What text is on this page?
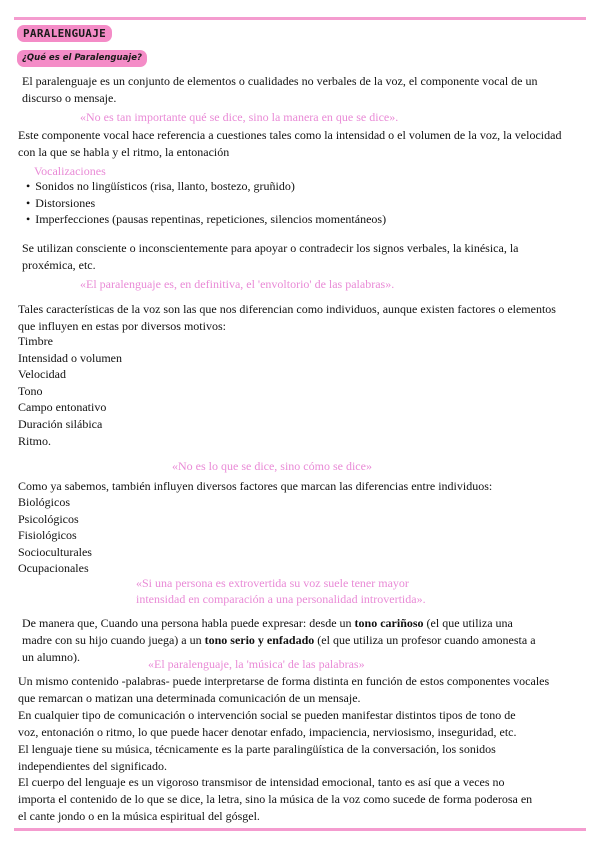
PARALENGUAJE
¿Qué es el Paralenguaje?
El paralenguaje es un conjunto de elementos o cualidades no verbales de la voz, el componente vocal de un
discurso o mensaje.
«No es tan importante qué se dice, sino la manera en que se dice».
Este componente vocal hace referencia a cuestiones tales como la intensidad o el volumen de la voz, la velocidad
con la que se habla y el ritmo, la entonación
Vocalizaciones
• Sonidos no lingüísticos (risa, llanto, bostezo, gruñido)
• Distorsiones
• Imperfecciones (pausas repentinas, repeticiones, silencios momentáneos)
Se utilizan consciente o inconscientemente para apoyar o contradecir los signos verbales, la kinésica, la
proxémica, etc.
«El paralenguaje es, en definitiva, el 'envoltorio' de las palabras».
Tales características de la voz son las que nos diferencian como individuos, aunque existen factores o elementos
que influyen en estas por diversos motivos:
Timbre
Intensidad o volumen
Velocidad
Tono
Campo entonativo
Duración silábica
Ritmo.
«No es lo que se dice, sino cómo se dice»
Como ya sabemos, también influyen diversos factores que marcan las diferencias entre individuos:
Biológicos
Psicológicos
Fisiológicos
Socioculturales
Ocupacionales
«Si una persona es extrovertida su voz suele tener mayor
intensidad en comparación a una personalidad introvertida».
De manera que, Cuando una persona habla puede expresar: desde un tono cariñoso (el que utiliza una
madre con su hijo cuando juega) a un tono serio y enfadado (el que utiliza un profesor cuando amonesta a
un alumno).	«El paralenguaje, la 'música' de las palabras»
Un mismo contenido -palabras- puede interpretarse de forma distinta en función de estos componentes vocales
que remarcan o matizan una determinada comunicación de un mensaje.
En cualquier tipo de comunicación o intervención social se pueden manifestar distintos tipos de tono de
voz, entonación o ritmo, lo que puede hacer denotar enfado, impaciencia, nerviosismo, inseguridad, etc.
El lenguaje tiene su música, técnicamente es la parte paralingüística de la conversación, los sonidos
independientes del significado.
El cuerpo del lenguaje es un vigoroso transmisor de intensidad emocional, tanto es así que a veces no
importa el contenido de lo que se dice, la letra, sino la música de la voz como sucede de forma poderosa en
el cante jondo o en la música espiritual del gósgel.
